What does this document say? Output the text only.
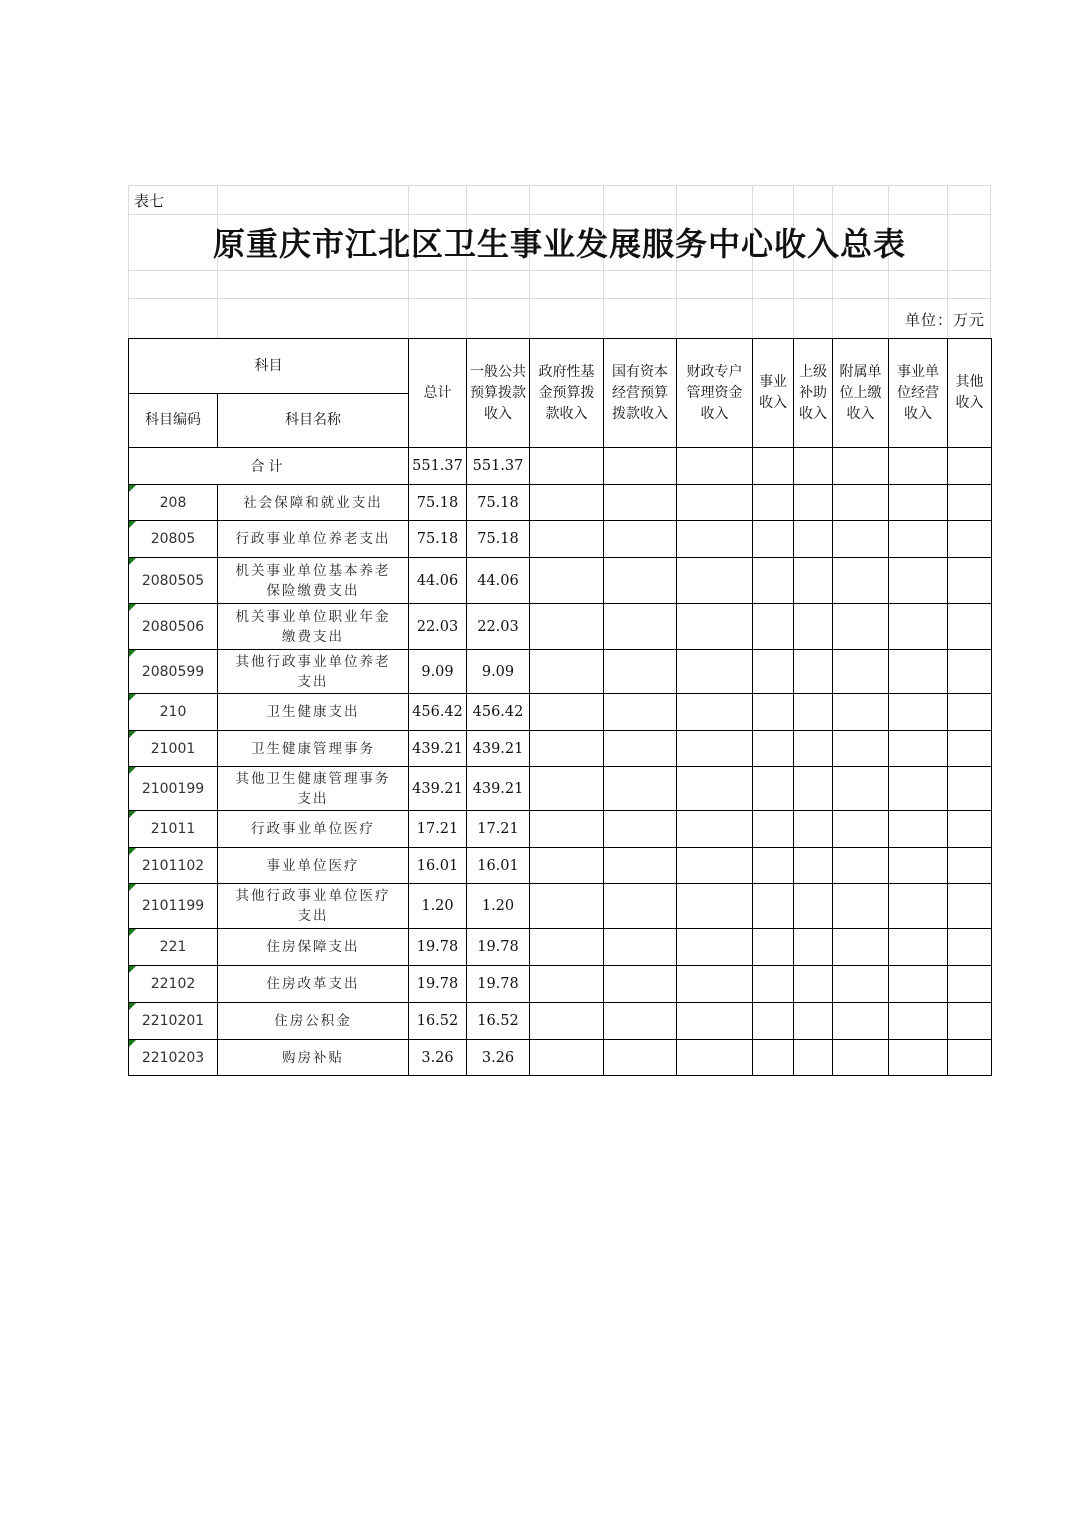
表七
原重庆市江北区卫生事业发展服务中心收入总表
单位：万元
科目		总计	一般公共预算拨款收入	政府性基金预算拨款收入	国有资本经营预算拨款收入	财政专户管理资金收入	事业收入	上级补助收入	附属单位上缴收入	事业单位经营收入	其他收入
科目编码	科目名称										
合计		551.37	551.37								

208	社会保障和就业支出	75.18	75.18								

20805	行政事业单位养老支出	75.18	75.18								

2080505	机关事业单位基本养老保险缴费支出	44.06	44.06								

2080506	机关事业单位职业年金缴费支出	22.03	22.03								

2080599	其他行政事业单位养老支出	9.09	9.09								

210	卫生健康支出	456.42	456.42								

21001	卫生健康管理事务	439.21	439.21								

2100199	其他卫生健康管理事务支出	439.21	439.21								

21011	行政事业单位医疗	17.21	17.21								

2101102	事业单位医疗	16.01	16.01								

2101199	其他行政事业单位医疗支出	1.20	1.20								

221	住房保障支出	19.78	19.78								

22102	住房改革支出	19.78	19.78								

2210201	住房公积金	16.52	16.52								

2210203	购房补贴	3.26	3.26								
